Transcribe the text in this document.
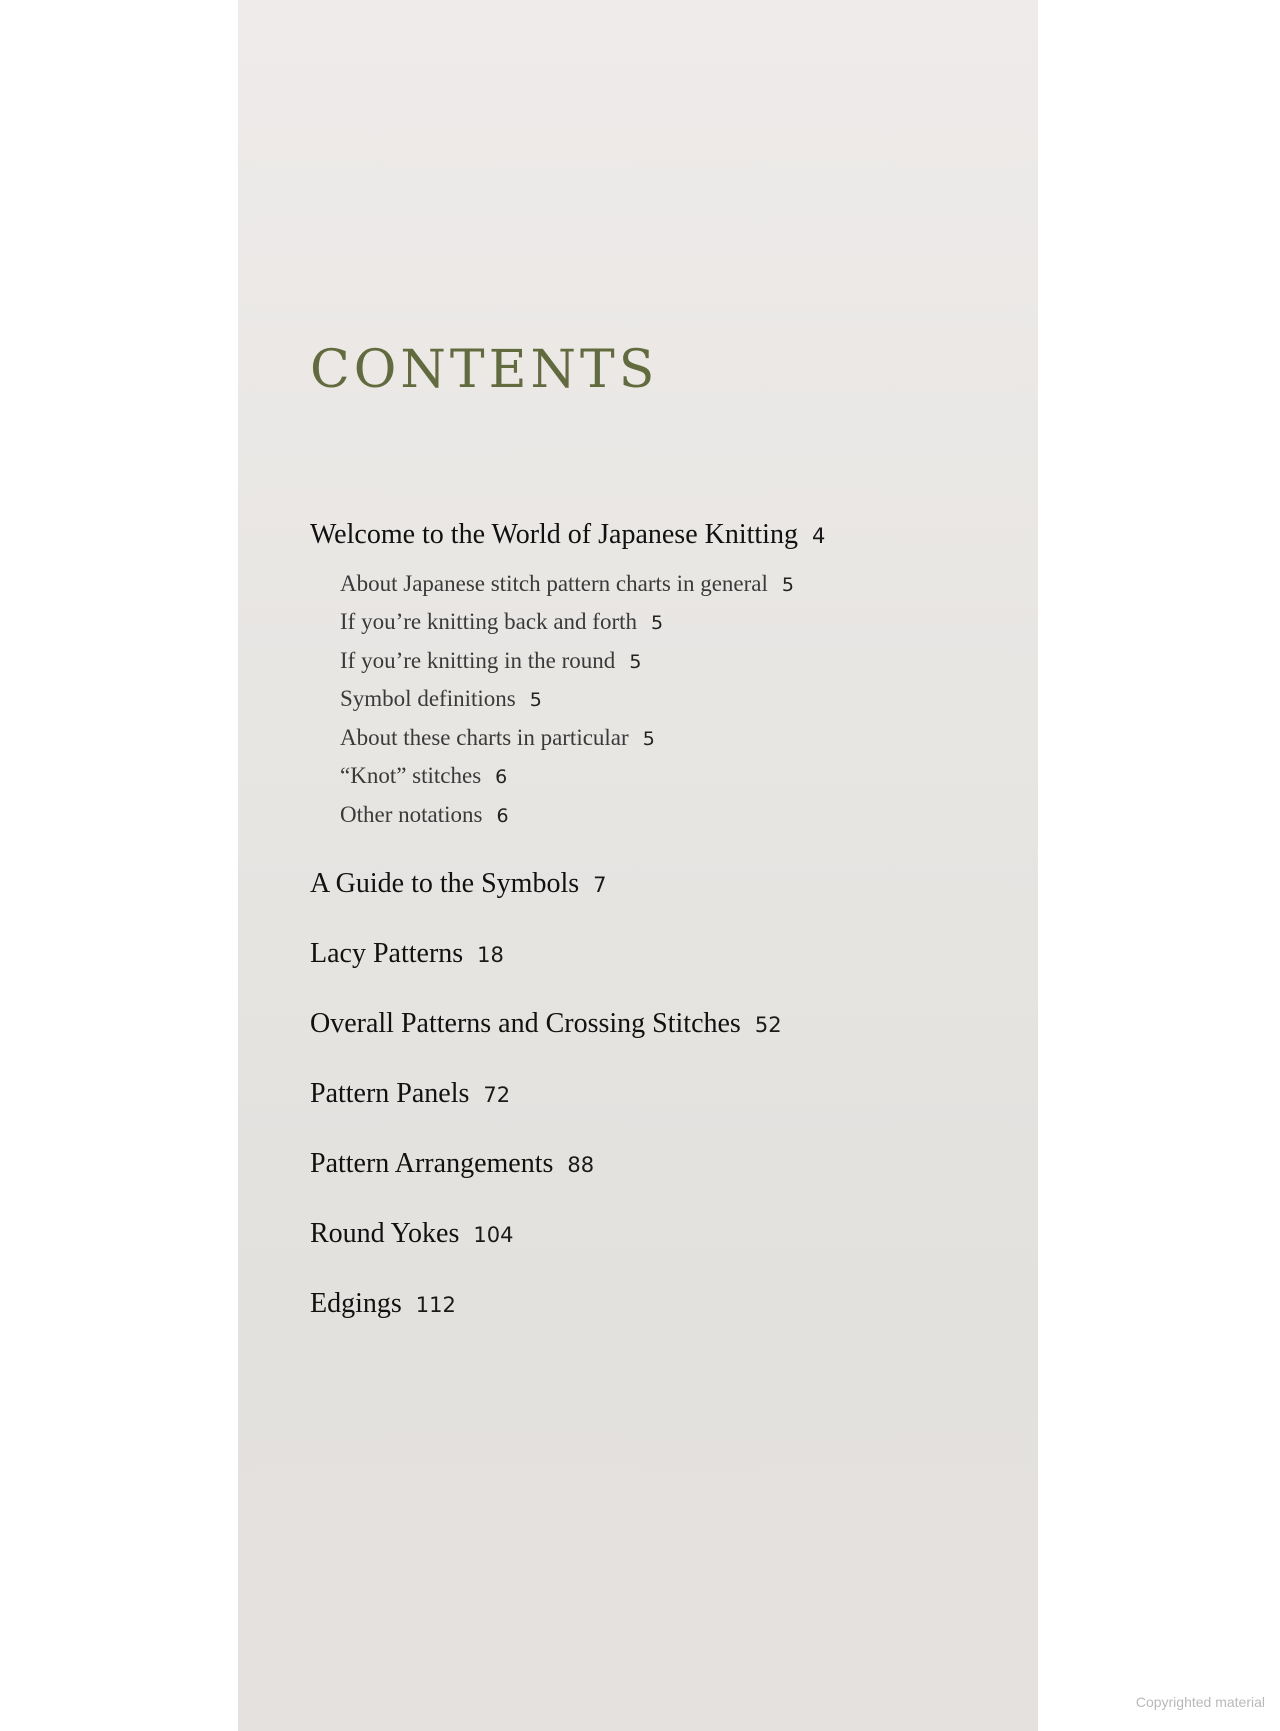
CONTENTS
Welcome to the World of Japanese Knitting 4
About Japanese stitch pattern charts in general 5
If you’re knitting back and forth 5
If you’re knitting in the round 5
Symbol definitions 5
About these charts in particular 5
“Knot” stitches 6
Other notations 6
A Guide to the Symbols 7
Lacy Patterns 18
Overall Patterns and Crossing Stitches 52
Pattern Panels 72
Pattern Arrangements 88
Round Yokes 104
Edgings 112
Copyrighted material
